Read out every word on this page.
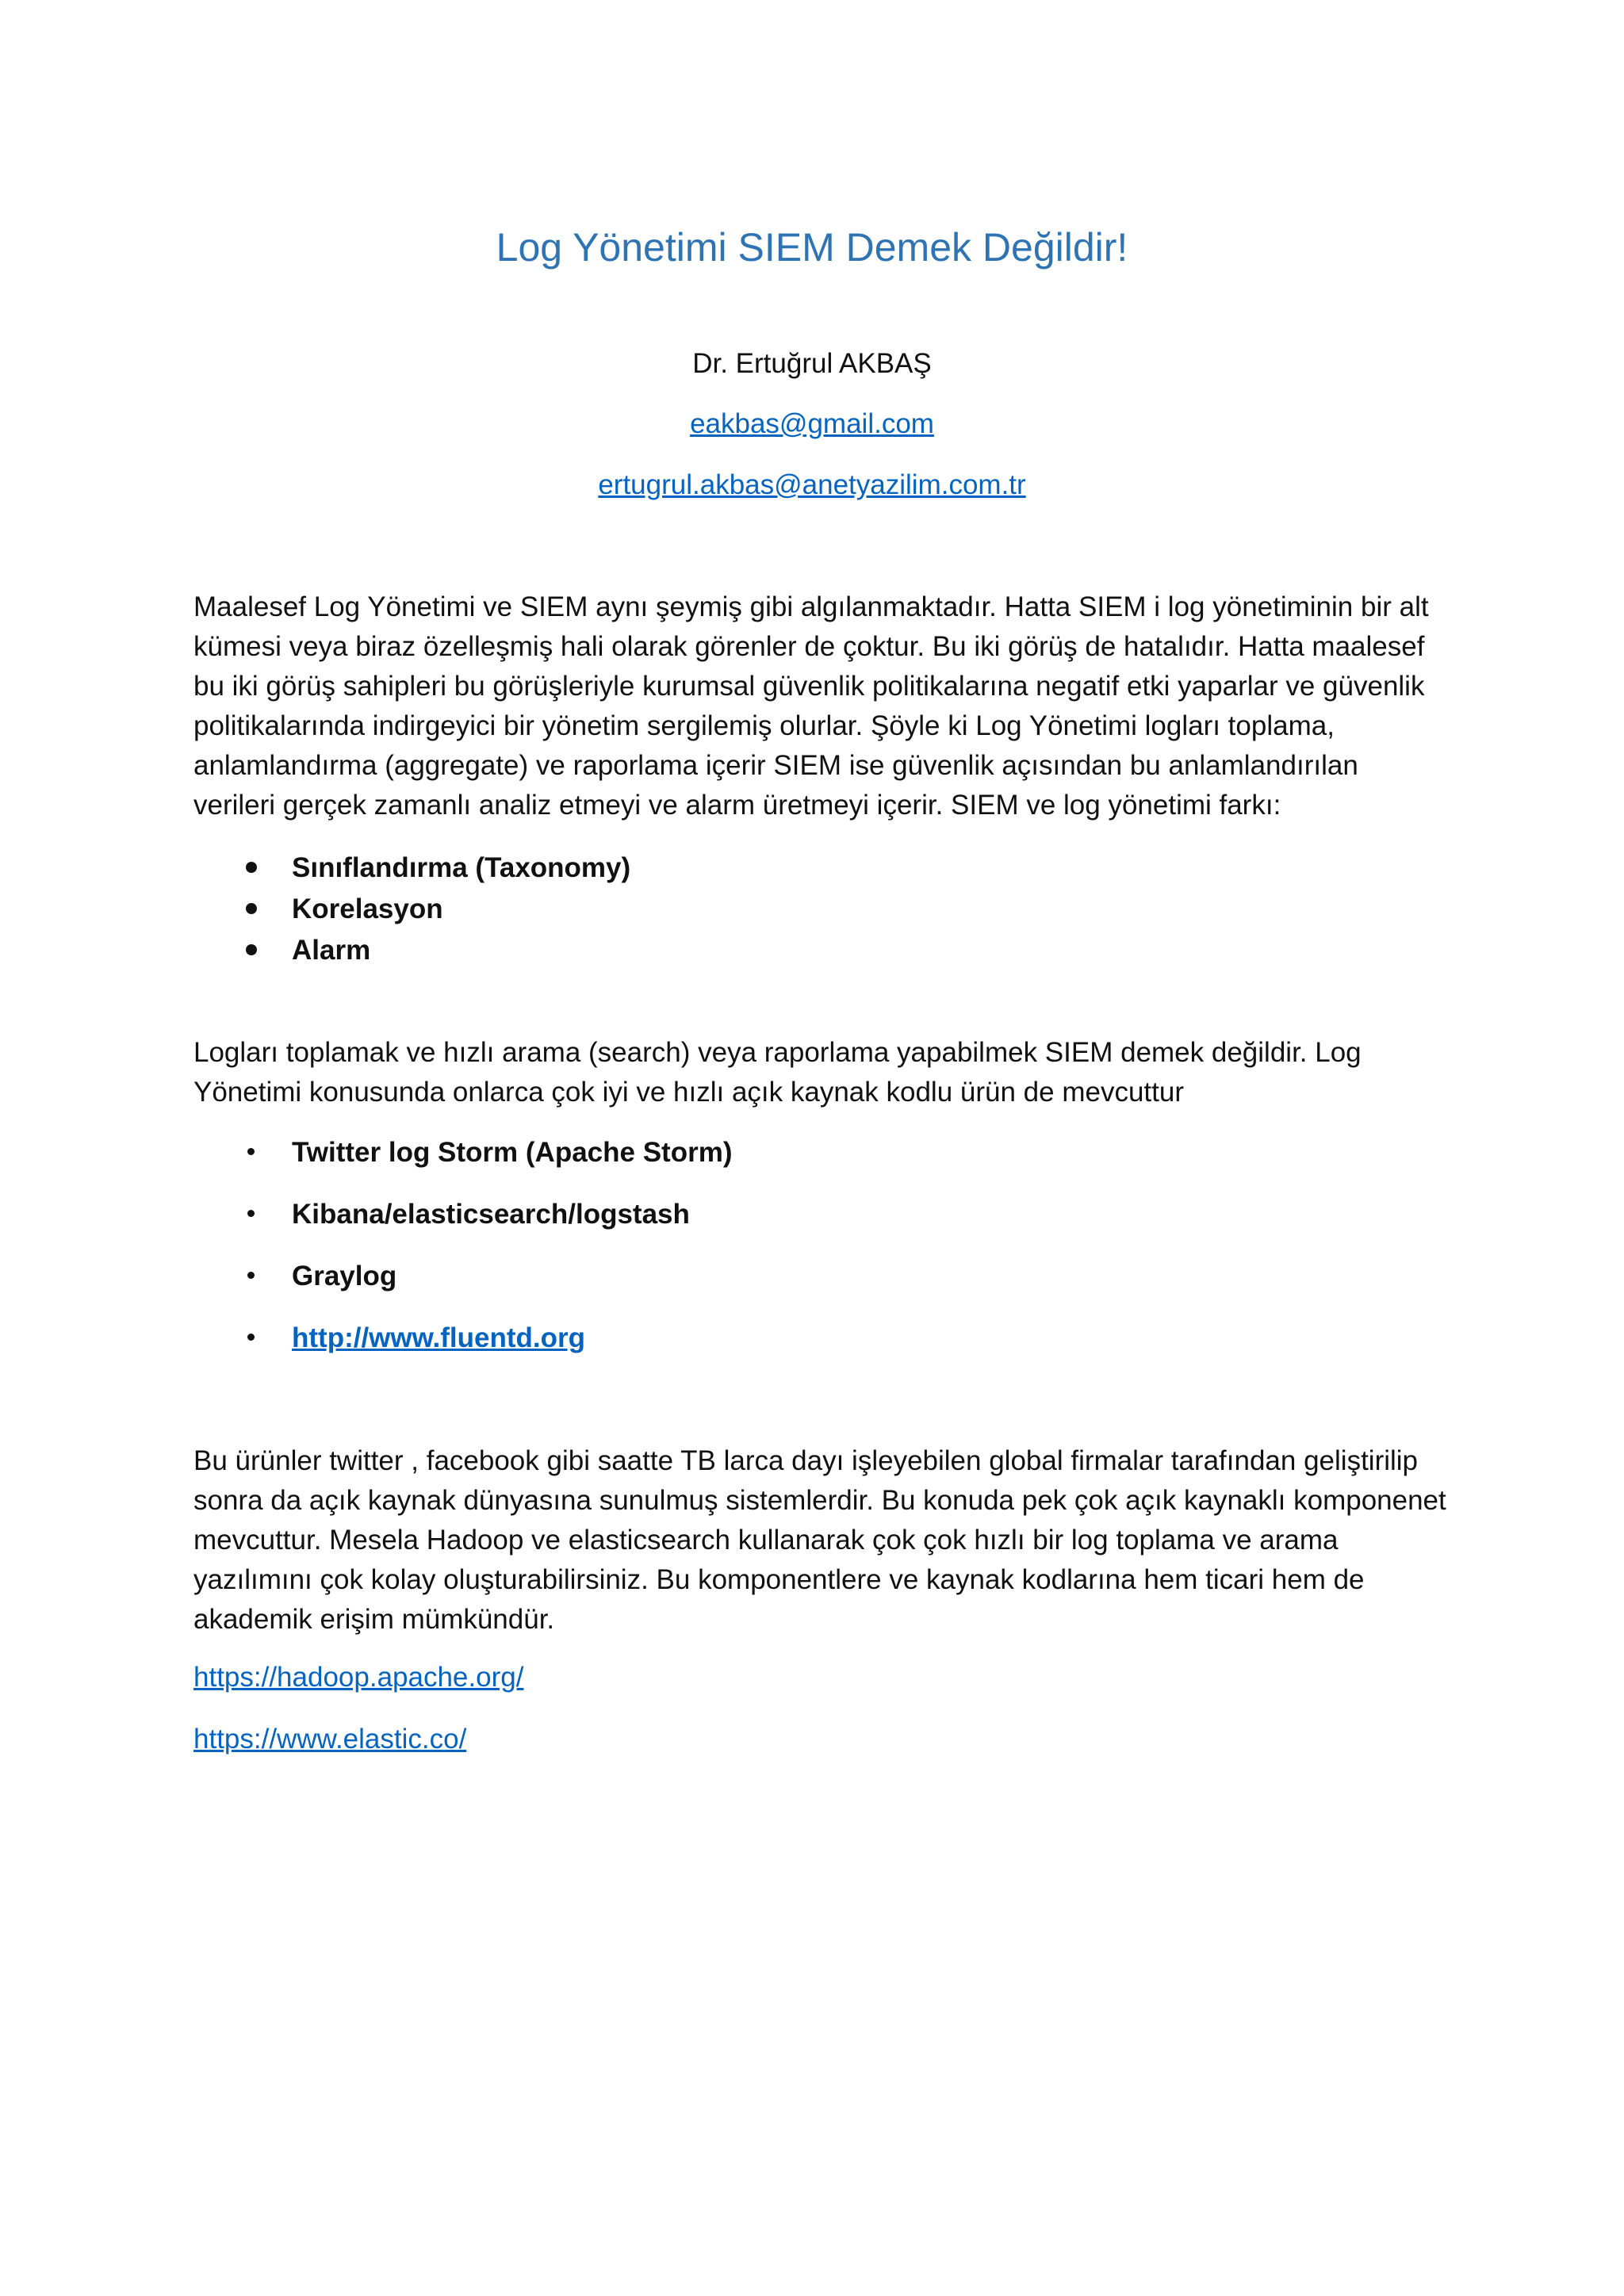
Log Yönetimi SIEM Demek Değildir!
Dr. Ertuğrul AKBAŞ
eakbas@gmail.com
ertugrul.akbas@anetyazilim.com.tr

Maalesef Log Yönetimi ve SIEM aynı şeymiş gibi algılanmaktadır. Hatta SIEM i log yönetiminin bir alt kümesi veya biraz özelleşmiş hali olarak görenler de çoktur. Bu iki görüş de hatalıdır. Hatta maalesef bu iki görüş sahipleri bu görüşleriyle kurumsal güvenlik politikalarına negatif etki yaparlar ve güvenlik politikalarında indirgeyici bir yönetim sergilemiş olurlar. Şöyle ki Log Yönetimi logları toplama, anlamlandırma (aggregate) ve raporlama içerir SIEM ise güvenlik açısından bu anlamlandırılan verileri gerçek zamanlı analiz etmeyi ve alarm üretmeyi içerir. SIEM ve log yönetimi farkı:

Sınıflandırma (Taxonomy)
Korelasyon
Alarm

Logları toplamak ve hızlı arama (search) veya raporlama yapabilmek SIEM demek değildir. Log Yönetimi konusunda onlarca çok iyi ve hızlı açık kaynak kodlu ürün de mevcuttur

Twitter log Storm (Apache Storm)
Kibana/elasticsearch/logstash
Graylog
http://www.fluentd.org

Bu ürünler twitter , facebook gibi saatte TB larca dayı işleyebilen global firmalar tarafından geliştirilip sonra da açık kaynak dünyasına sunulmuş sistemlerdir. Bu konuda pek çok açık kaynaklı komponenet mevcuttur. Mesela Hadoop ve elasticsearch kullanarak çok çok hızlı bir log toplama ve arama yazılımını çok kolay oluşturabilirsiniz. Bu komponentlere ve kaynak kodlarına hem ticari hem de akademik erişim mümkündür.

https://hadoop.apache.org/
https://www.elastic.co/
